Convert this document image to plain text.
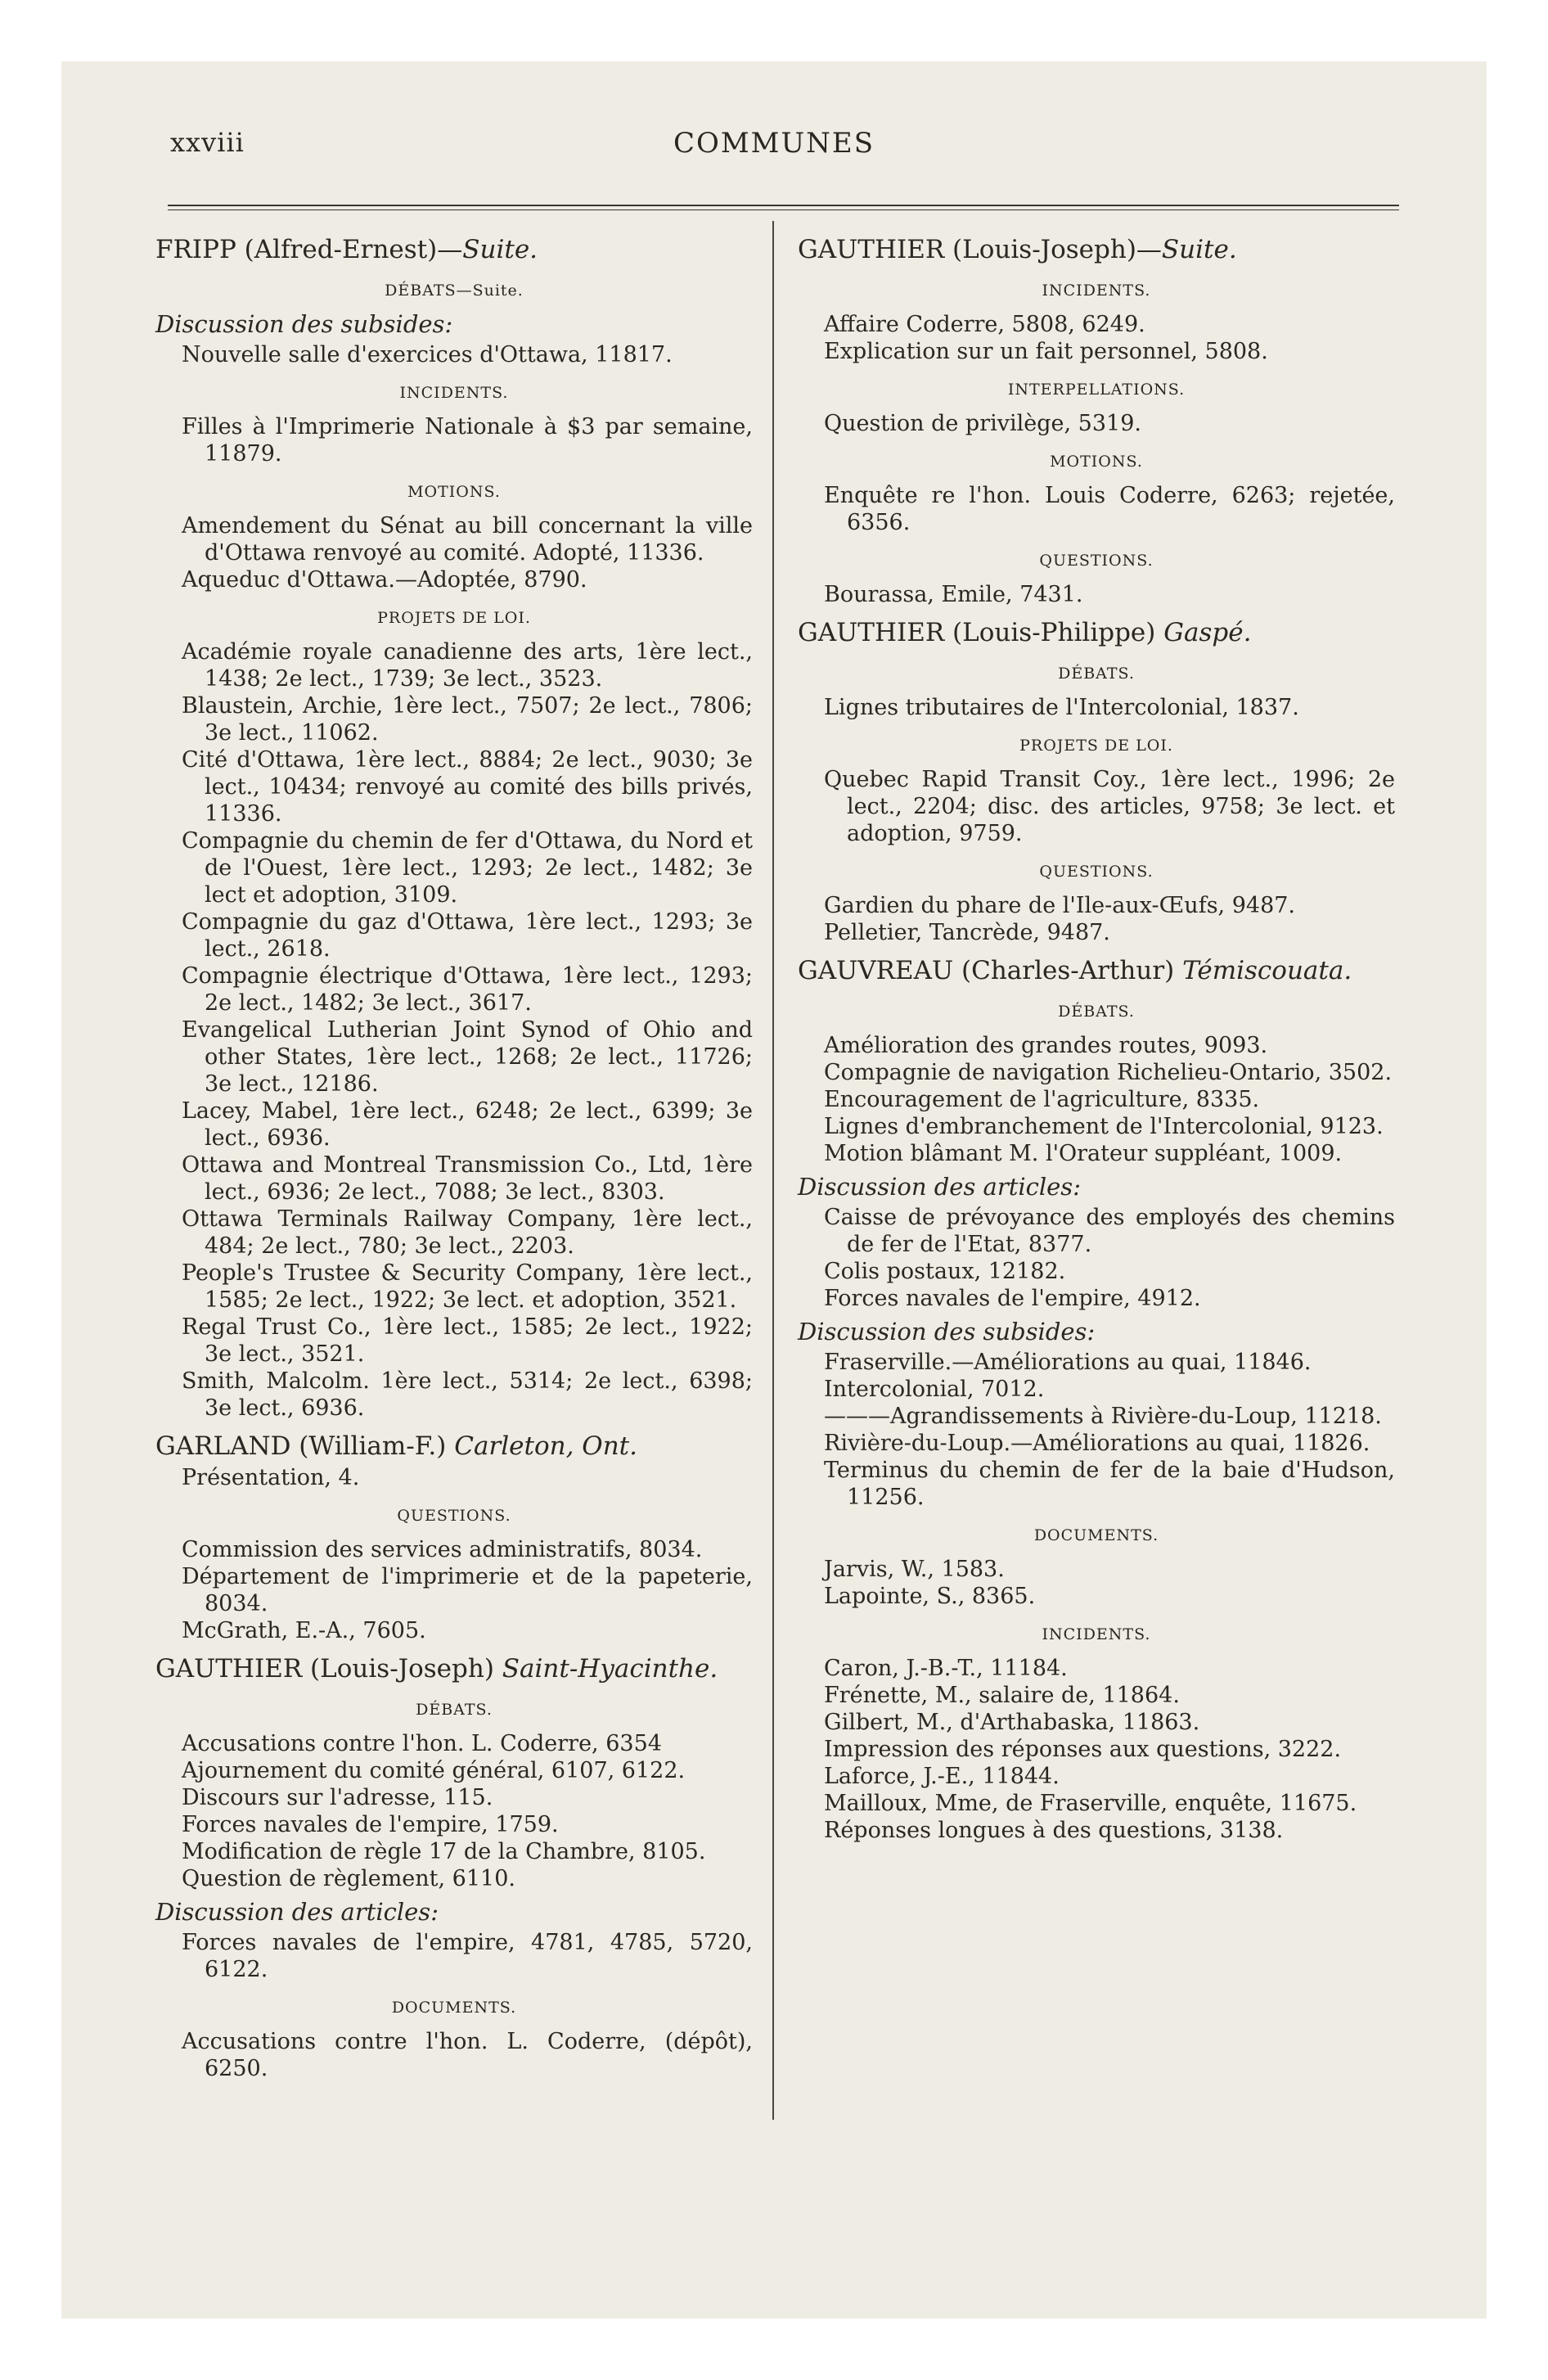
xxviii	COMMUNES

FRIPP (Alfred-Ernest)—Suite.

DÉBATS—Suite.

Discussion des subsides:

Nouvelle salle d'exercices d'Ottawa, 11817.

INCIDENTS.

Filles à l'Imprimerie Nationale à $3 par semaine, 11879.

MOTIONS.

Amendement du Sénat au bill concernant la ville d'Ottawa renvoyé au comité. Adopté, 11336.

Aqueduc d'Ottawa.—Adoptée, 8790.

PROJETS DE LOI.

Académie royale canadienne des arts, 1ère lect., 1438; 2e lect., 1739; 3e lect., 3523.

Blaustein, Archie, 1ère lect., 7507; 2e lect., 7806; 3e lect., 11062.

Cité d'Ottawa, 1ère lect., 8884; 2e lect., 9030; 3e lect., 10434; renvoyé au comité des bills privés, 11336.

Compagnie du chemin de fer d'Ottawa, du Nord et de l'Ouest, 1ère lect., 1293; 2e lect., 1482; 3e lect et adoption, 3109.

Compagnie du gaz d'Ottawa, 1ère lect., 1293; 3e lect., 2618.

Compagnie électrique d'Ottawa, 1ère lect., 1293; 2e lect., 1482; 3e lect., 3617.

Evangelical Lutherian Joint Synod of Ohio and other States, 1ère lect., 1268; 2e lect., 11726; 3e lect., 12186.

Lacey, Mabel, 1ère lect., 6248; 2e lect., 6399; 3e lect., 6936.

Ottawa and Montreal Transmission Co., Ltd, 1ère lect., 6936; 2e lect., 7088; 3e lect., 8303.

Ottawa Terminals Railway Company, 1ère lect., 484; 2e lect., 780; 3e lect., 2203.

People's Trustee & Security Company, 1ère lect., 1585; 2e lect., 1922; 3e lect. et adoption, 3521.

Regal Trust Co., 1ère lect., 1585; 2e lect., 1922; 3e lect., 3521.

Smith, Malcolm. 1ère lect., 5314; 2e lect., 6398; 3e lect., 6936.

GARLAND (William-F.) Carleton, Ont.

Présentation, 4.

QUESTIONS.

Commission des services administratifs, 8034.

Département de l'imprimerie et de la papeterie, 8034.

McGrath, E.-A., 7605.

GAUTHIER (Louis-Joseph) Saint-Hyacinthe.

DÉBATS.

Accusations contre l'hon. L. Coderre, 6354

Ajournement du comité général, 6107, 6122.

Discours sur l'adresse, 115.

Forces navales de l'empire, 1759.

Modification de règle 17 de la Chambre, 8105.

Question de règlement, 6110.

Discussion des articles:

Forces navales de l'empire, 4781, 4785, 5720, 6122.

DOCUMENTS.

Accusations contre l'hon. L. Coderre, (dépôt), 6250.

GAUTHIER (Louis-Joseph)—Suite.

INCIDENTS.

Affaire Coderre, 5808, 6249.

Explication sur un fait personnel, 5808.

INTERPELLATIONS.

Question de privilège, 5319.

MOTIONS.

Enquête re l'hon. Louis Coderre, 6263; rejetée, 6356.

QUESTIONS.

Bourassa, Emile, 7431.

GAUTHIER (Louis-Philippe) Gaspé.

DÉBATS.

Lignes tributaires de l'Intercolonial, 1837.

PROJETS DE LOI.

Quebec Rapid Transit Coy., 1ère lect., 1996; 2e lect., 2204; disc. des articles, 9758; 3e lect. et adoption, 9759.

QUESTIONS.

Gardien du phare de l'Ile-aux-Œufs, 9487.

Pelletier, Tancrède, 9487.

GAUVREAU (Charles-Arthur) Témiscouata.

DÉBATS.

Amélioration des grandes routes, 9093.

Compagnie de navigation Richelieu-Ontario, 3502.

Encouragement de l'agriculture, 8335.

Lignes d'embranchement de l'Intercolonial, 9123.

Motion blâmant M. l'Orateur suppléant, 1009.

Discussion des articles:

Caisse de prévoyance des employés des chemins de fer de l'Etat, 8377.

Colis postaux, 12182.

Forces navales de l'empire, 4912.

Discussion des subsides:

Fraserville.—Améliorations au quai, 11846.

Intercolonial, 7012.

———Agrandissements à Rivière-du-Loup, 11218.

Rivière-du-Loup.—Améliorations au quai, 11826.

Terminus du chemin de fer de la baie d'Hudson, 11256.

DOCUMENTS.

Jarvis, W., 1583.

Lapointe, S., 8365.

INCIDENTS.

Caron, J.-B.-T., 11184.

Frénette, M., salaire de, 11864.

Gilbert, M., d'Arthabaska, 11863.

Impression des réponses aux questions, 3222.

Laforce, J.-E., 11844.

Mailloux, Mme, de Fraserville, enquête, 11675.

Réponses longues à des questions, 3138.
